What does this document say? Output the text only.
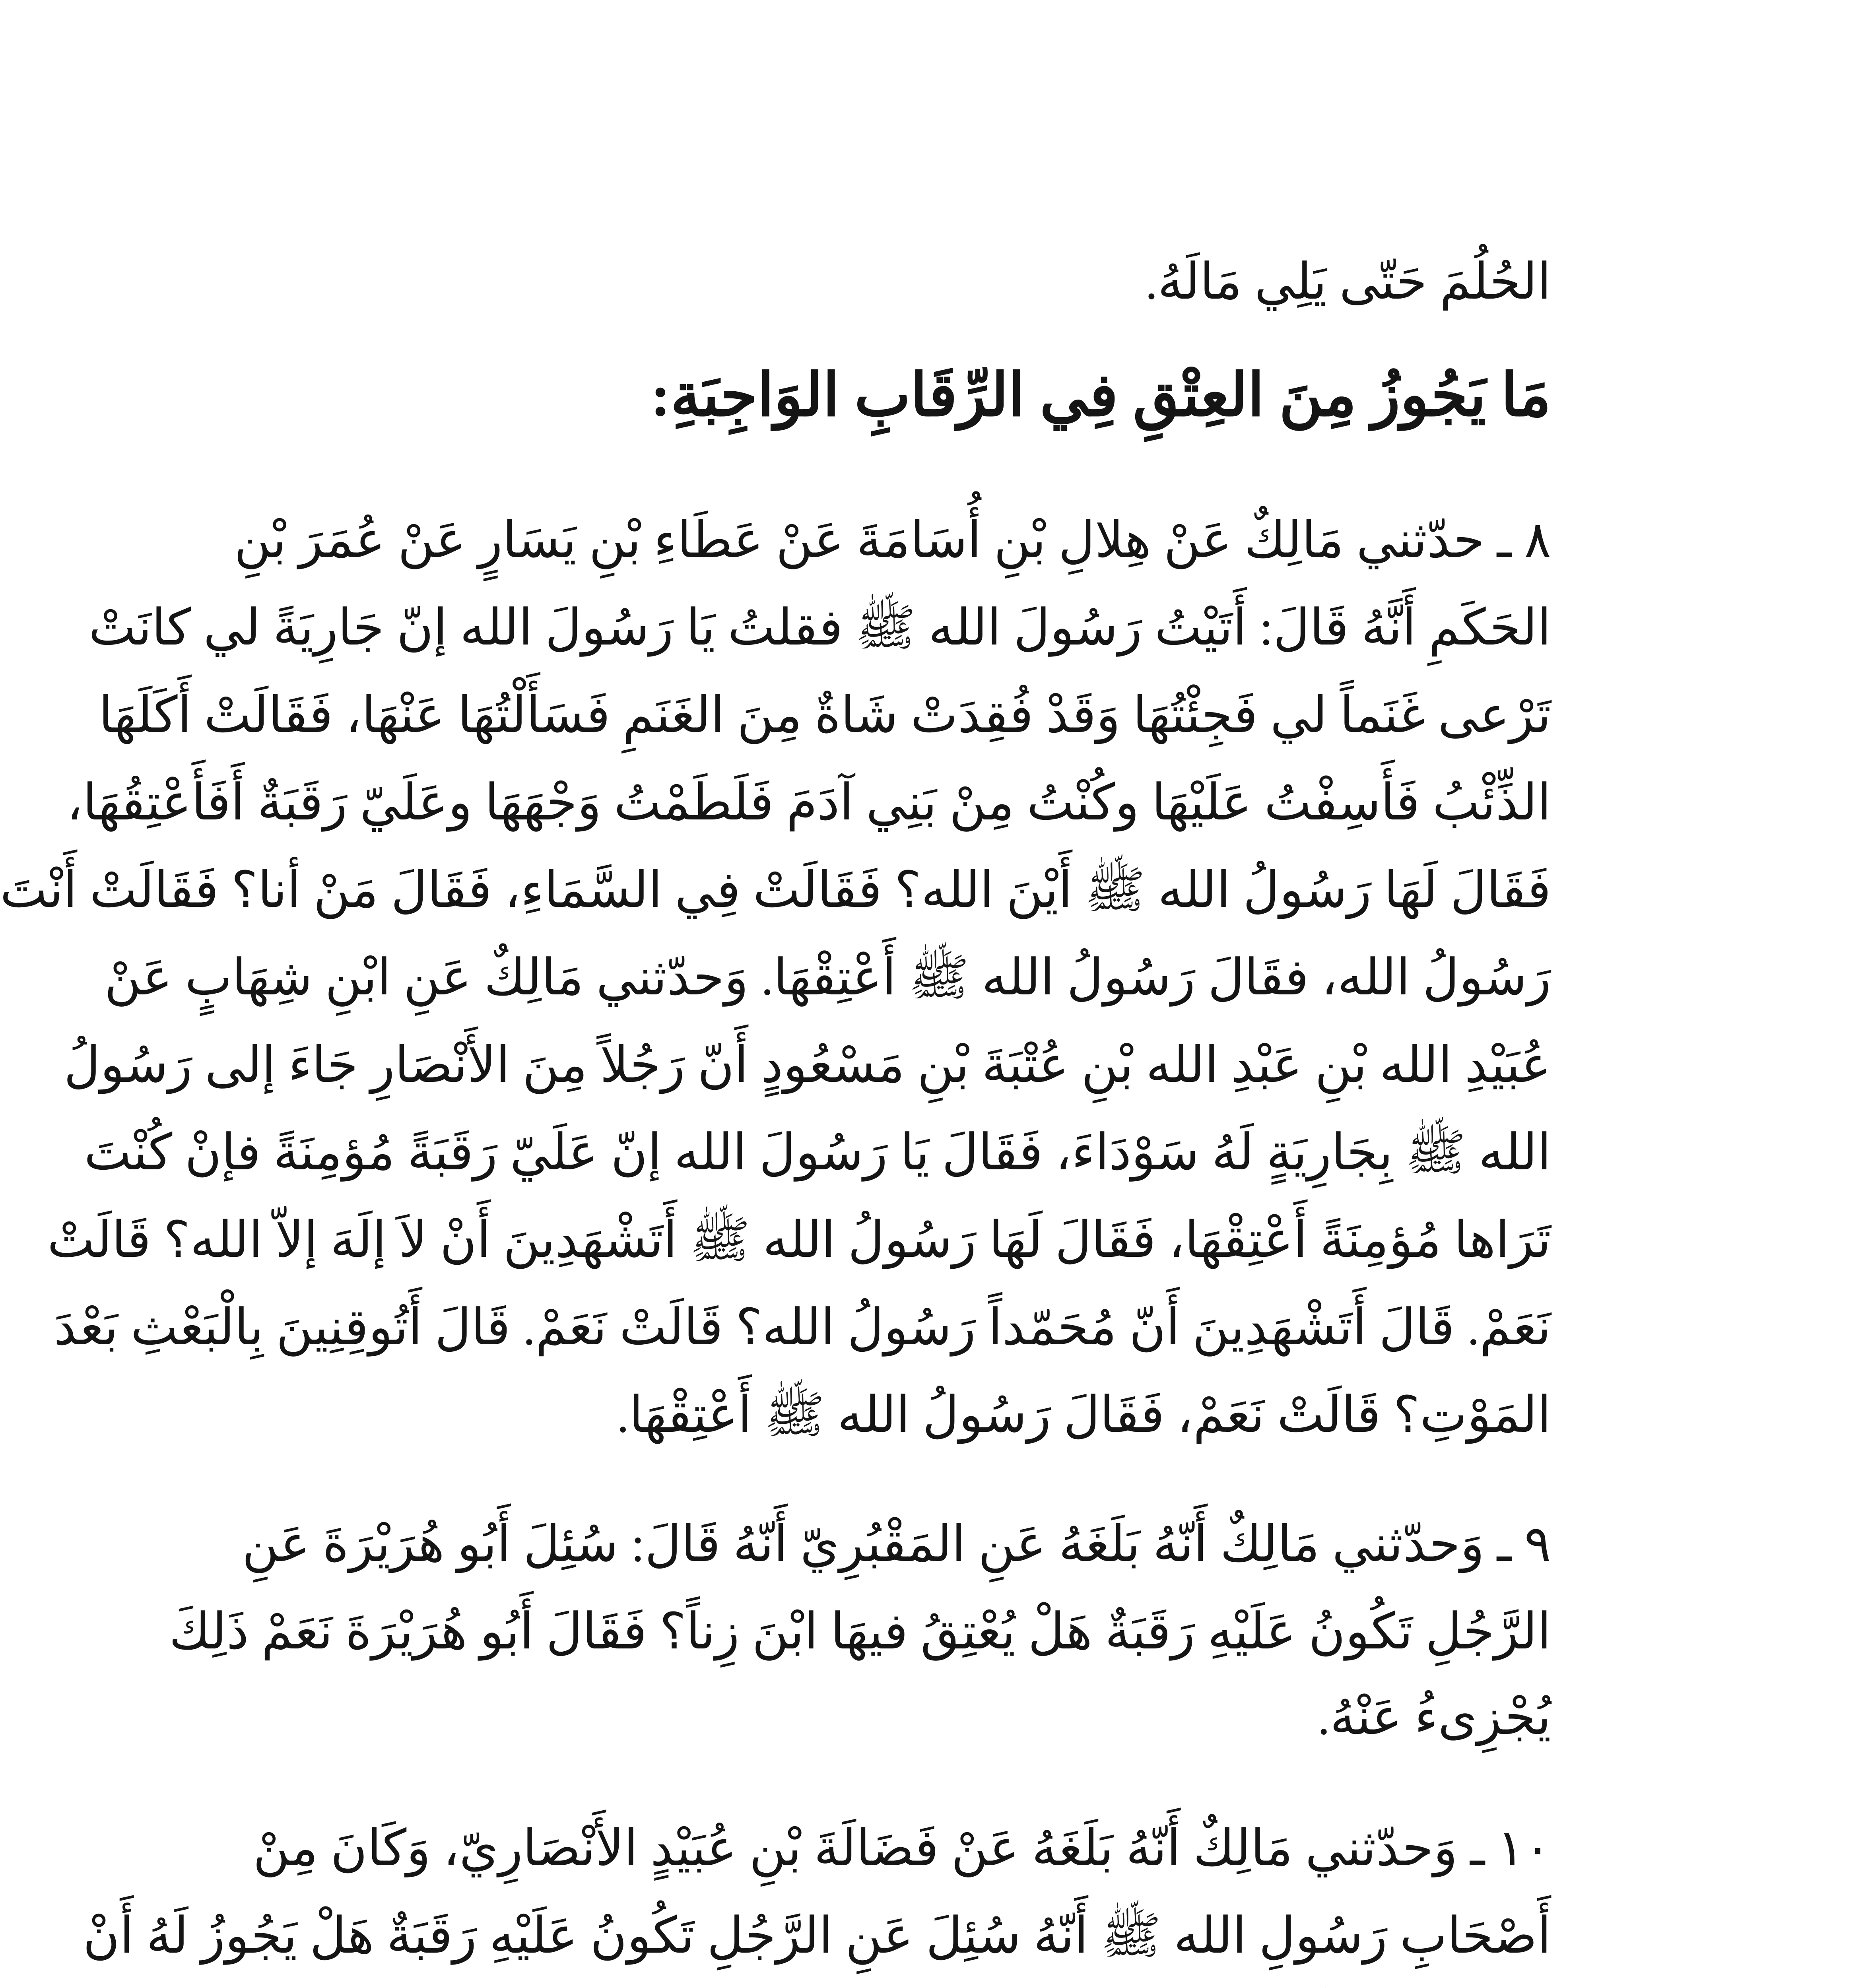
الحُلُمَ حَتّى يَلِي مَالَهُ.
مَا يَجُوزُ مِنَ العِتْقِ فِي الرِّقَابِ الوَاجِبَةِ:
٨ ـ حدّثني مَالِكٌ عَنْ هِلالِ بْنِ أُسَامَةَ عَنْ عَطَاءِ بْنِ يَسَارٍ عَنْ عُمَرَ بْنِ
الحَكَمِ أَنَّهُ قَالَ: أَتَيْتُ رَسُولَ الله ﷺ فقلتُ يَا رَسُولَ الله إنّ جَارِيَةً لي كانَتْ
تَرْعى غَنَماً لي فَجِئْتُهَا وَقَدْ فُقِدَتْ شَاةٌ مِنَ الغَنَمِ فَسَأَلْتُهَا عَنْهَا، فَقَالَتْ أَكَلَهَا
الذِّئْبُ فَأَسِفْتُ عَلَيْهَا وكُنْتُ مِنْ بَنِي آدَمَ فَلَطَمْتُ وَجْهَهَا وعَلَيّ رَقَبَةٌ أَفَأَعْتِقُهَا،
فَقَالَ لَهَا رَسُولُ الله ﷺ أَيْنَ الله؟ فَقَالَتْ فِي السَّمَاءِ، فَقَالَ مَنْ أنا؟ فَقَالَتْ أَنْتَ
رَسُولُ الله، فقَالَ رَسُولُ الله ﷺ أَعْتِقْهَا. وَحدّثني مَالِكٌ عَنِ ابْنِ شِهَابٍ عَنْ
عُبَيْدِ الله بْنِ عَبْدِ الله بْنِ عُتْبَةَ بْنِ مَسْعُودٍ أَنّ رَجُلاً مِنَ الأَنْصَارِ جَاءَ إلى رَسُولُ
الله ﷺ بِجَارِيَةٍ لَهُ سَوْدَاءَ، فَقَالَ يَا رَسُولَ الله إنّ عَلَيّ رَقَبَةً مُؤمِنَةً فإنْ كُنْتَ
تَرَاها مُؤمِنَةً أَعْتِقْهَا، فَقَالَ لَهَا رَسُولُ الله ﷺ أَتَشْهَدِينَ أَنْ لاَ إلَهَ إلاّ الله؟ قَالَتْ
نَعَمْ. قَالَ أَتَشْهَدِينَ أَنّ مُحَمّداً رَسُولُ الله؟ قَالَتْ نَعَمْ. قَالَ أَتُوقِنِينَ بِالْبَعْثِ بَعْدَ
المَوْتِ؟ قَالَتْ نَعَمْ، فَقَالَ رَسُولُ الله ﷺ أَعْتِقْهَا.
٩ ـ وَحدّثني مَالِكٌ أَنّهُ بَلَغَهُ عَنِ المَقْبُرِيّ أَنّهُ قَالَ: سُئِلَ أَبُو هُرَيْرَةَ عَنِ
الرَّجُلِ تَكُونُ عَلَيْهِ رَقَبَةٌ هَلْ يُعْتِقُ فيهَا ابْنَ زِناً؟ فَقَالَ أَبُو هُرَيْرَةَ نَعَمْ ذَلِكَ
يُجْزِىءُ عَنْهُ.
١٠ ـ وَحدّثني مَالِكٌ أَنّهُ بَلَغَهُ عَنْ فَضَالَةَ بْنِ عُبَيْدٍ الأَنْصَارِيّ، وَكَانَ مِنْ
أَصْحَابِ رَسُولِ الله ﷺ أَنّهُ سُئِلَ عَنِ الرَّجُلِ تَكُونُ عَلَيْهِ رَقَبَةٌ هَلْ يَجُوزُ لَهُ أَنْ
